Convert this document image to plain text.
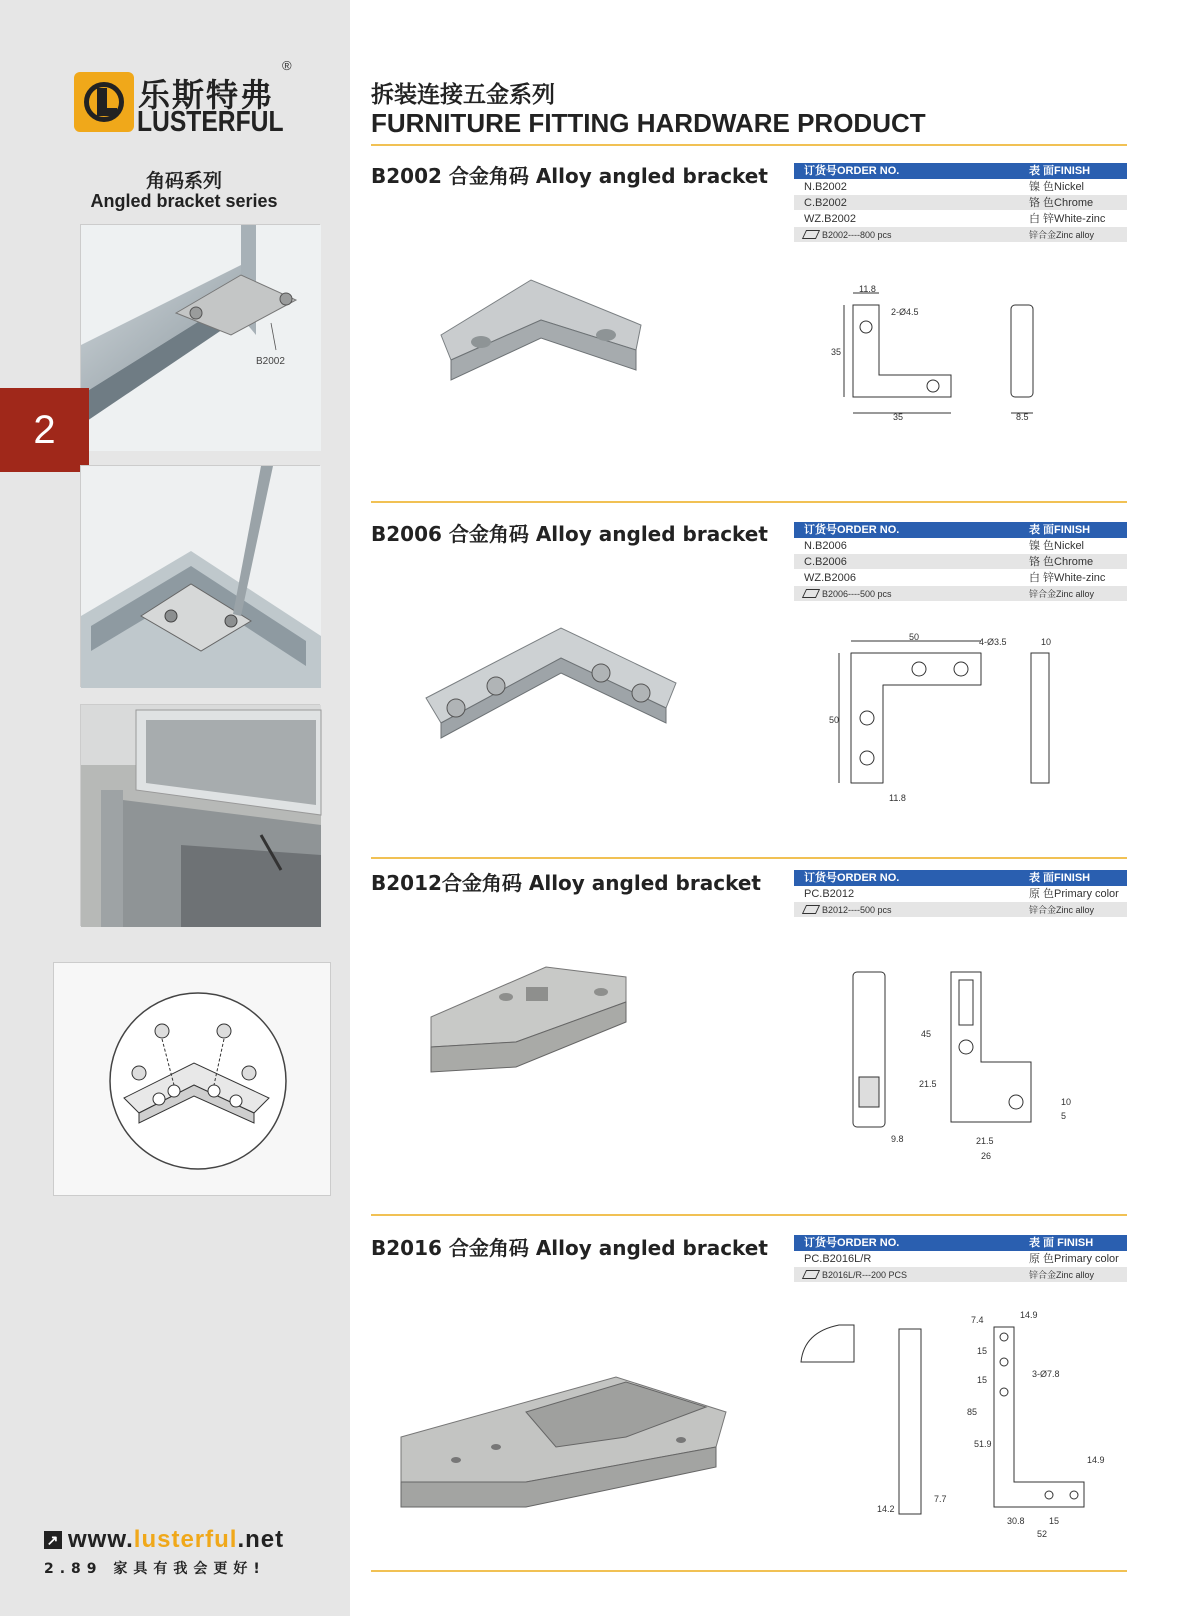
乐斯特弗
®
LUSTERFUL
角码系列
Angled bracket series
B2002
2
↗ www.lusterful.net
2.89 家具有我会更好!
拆装连接五金系列
FURNITURE FITTING HARDWARE PRODUCT
B2002 合金角码 Alloy angled bracket	订货号ORDER NO.	表 面FINISH
N.B2002	镍 色Nickel
C.B2002	铬 色Chrome
WZ.B2002	白 锌White-zinc
B2002----800 pcs	锌合金Zinc alloy
11.8
2-Ø4.5
35
35	8.5
B2006 合金角码 Alloy angled bracket	订货号ORDER NO.	表 面FINISH
N.B2006	镍 色Nickel
C.B2006	铬 色Chrome
WZ.B2006	白 锌White-zinc
B2006----500 pcs	锌合金Zinc alloy
50	4-Ø3.5	10
50
11.8
B2012合金角码 Alloy angled bracket	订货号ORDER NO.	表 面FINISH
PC.B2012	原 色Primary color
B2012----500 pcs	锌合金Zinc alloy
45
21.5
9.8	21.5
26
10
5
B2016 合金角码 Alloy angled bracket	订货号ORDER NO.	表 面 FINISH
PC.B2016L/R	原 色Primary color
B2016L/R---200 PCS	锌合金Zinc alloy
7.4	14.9
15
15
3-Ø7.8
85
51.9
14.9
7.7
14.2
30.8	15
52
